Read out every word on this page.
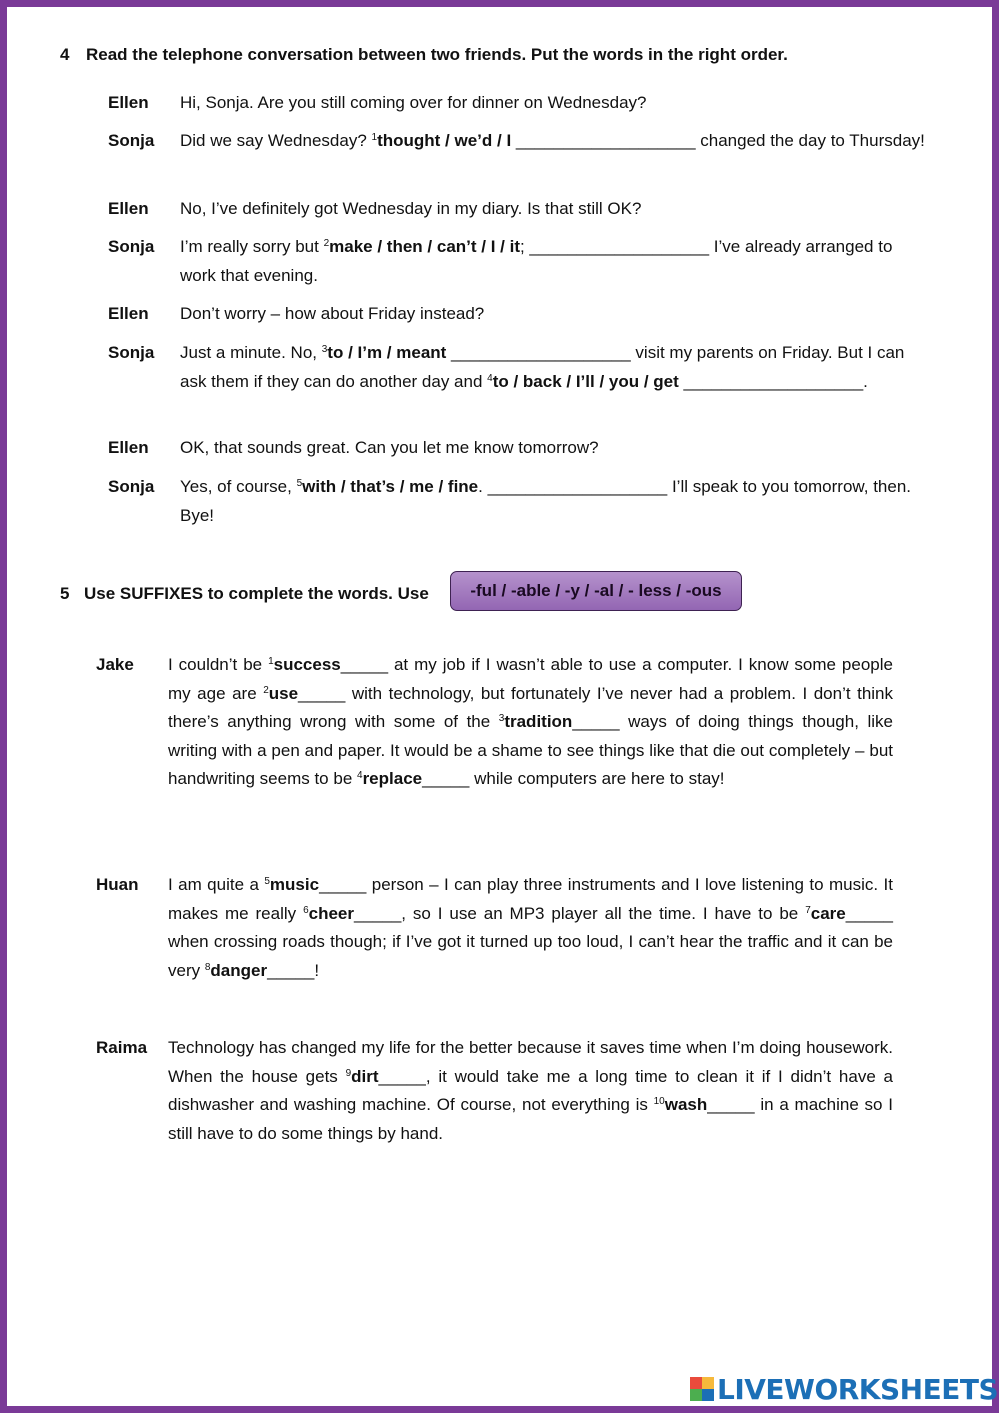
4 Read the telephone conversation between two friends. Put the words in the right order.
Ellen	Hi, Sonja. Are you still coming over for dinner on Wednesday?
Sonja	Did we say Wednesday? $^1$thought / we’d / I ___________________ changed the day to Thursday!
Ellen	No, I’ve definitely got Wednesday in my diary. Is that still OK?
Sonja	I’m really sorry but $^2$make / then / can’t / I / it; ___________________ I’ve already arranged to work that evening.
Ellen	Don’t worry – how about Friday instead?
Sonja	Just a minute. No, $^3$to / I’m / meant ___________________ visit my parents on Friday. But I can ask them if they can do another day and $^4$to / back / I’ll / you / get ___________________.
Ellen	OK, that sounds great. Can you let me know tomorrow?
Sonja	Yes, of course, $^5$with / that’s / me / fine. ___________________ I’ll speak to you tomorrow, then. Bye!
5 Use SUFFIXES to complete the words. Use -ful / -able / -y / -al / - less / -ous
Jake I couldn’t be $^1$success_____ at my job if I wasn’t able to use a computer. I know some people my age are $^2$use_____ with technology, but fortunately I’ve never had a problem. I don’t think there’s anything wrong with some of the $^3$tradition_____ ways of doing things though, like writing with a pen and paper. It would be a shame to see things like that die out completely – but handwriting seems to be $^4$replace_____ while computers are here to stay!
Huan I am quite a $^5$music_____ person – I can play three instruments and I love listening to music. It makes me really $^6$cheer_____, so I use an MP3 player all the time. I have to be $^7$care_____ when crossing roads though; if I’ve got it turned up too loud, I can’t hear the traffic and it can be very $^8$danger_____!
Raima Technology has changed my life for the better because it saves time when I’m doing housework. When the house gets $^9$dirt_____, it would take me a long time to clean it if I didn’t have a dishwasher and washing machine. Of course, not everything is $^{10}$wash_____ in a machine so I still have to do some things by hand.
LIVEWORKSHEETS
